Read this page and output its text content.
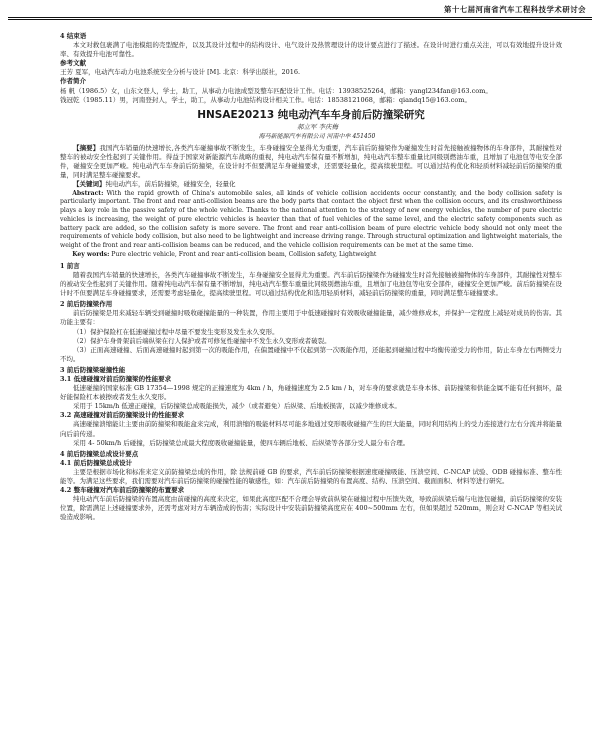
第十七届河南省汽车工程科技学术研讨会

4 结束语

本文对救包裹满了电池模组的壳型配件，以及其设计过程中的结构设计、电气设计及热管理设计的设计要点进行了描述。在设计时进行重点关注，可以有效地提升设计效率、有效提升电池可靠性。

参考文献

王芳 夏军，电动汽车动力电池系统安全分析与设计 [M]. 北京：科学出版社，2016.

作者简介

杨 帆（1986.5）女，山东文登人，学士，助工，从事动力电池成型及整车匹配设计工作。电话：13938525264，邮箱：yangl234fan@163.com。

钱冠乾（1985.11）男，河南登封人，学士，助工，从事动力电池结构设计相关工作。电话：18538121068，邮箱：qiandq15@163.com。

HNSAE20213 纯电动汽车车身前后防撞梁研究

郝立军 李庆梅

海马新能源汽车有限公司 河南中牟 451450

【摘要】我国汽车销量的快速增长,各类汽车碰撞事故不断发生，车身碰撞安全显得尤为重要，汽车前后防撞梁作为碰撞发生时首先接触被撞物体的车身部件，其耐撞性对整车的被动安全性起到了关键作用。得益于国家对新能源汽车战略的重视，纯电动汽车保有量不断增加，纯电动汽车整车重量比同级别燃油车重，且增加了电池包等电安全部件，碰撞安全更加严峻。纯电动汽车车身前后防撞梁，在设计时不但要满足车身碰撞要求，还需要轻量化，提高续驶里程。可以通过结构优化和轻质材料减轻前后防撞梁的重量，同时满足整车碰撞要求。

【关键词】纯电动汽车，前后防撞梁，碰撞安全，轻量化

Abstract: With the rapid growth of China's automobile sales, all kinds of vehicle collision accidents occur constantly, and the body collision safety is particularly important. The front and rear anti-collision beams are the body parts that contact the object first when the collision occurs, and its crashworthiness plays a key role in the passive safety of the whole vehicle. Thanks to the national attention to the strategy of new energy vehicles, the number of pure electric vehicles is increasing, the weight of pure electric vehicles is heavier than that of fuel vehicles of the same level, and the electric safety components such as battery pack are added, so the collision safety is more severe. The front and rear anti-collision beam of pure electric vehicle body should not only meet the requirements of vehicle body collision, but also need to be lightweight and increase driving range. Through structural optimization and lightweight materials, the weight of the front and rear anti-collision beams can be reduced, and the vehicle collision requirements can be met at the same time.

Key words: Pure electric vehicle, Front and rear anti-collision beam, Collision safety, Lightweight

1 前言

随着我国汽车销量的快速增长，各类汽车碰撞事故不断发生，车身碰撞安全显得尤为重要。汽车前后防撞梁作为碰撞发生时首先接触被撞物体的车身部件，其耐撞性对整车的被动安全性起到了关键作用。随着纯电动汽车保有量不断增加，纯电动汽车整车重量比同级别燃油车重，且增加了电池包等电安全部件，碰撞安全更加严峻。前后防撞梁在设计时不但要满足车身碰撞要求，还需要考虑轻量化，提高续驶里程。可以通过结构优化和选用轻质材料，减轻前后防撞梁的重量，同时满足整车碰撞要求。

2 前后防撞梁作用

前后防撞梁是用来减轻车辆受到碰撞时吸收碰撞能量的一种装置，作用主要用于中低速碰撞时有效吸收碰撞能量，减少维修成本，并保护一定程度上减轻对成员的伤害。其功能主要有：

（1）保护保险杠在低速碰撞过程中尽量不要发生变形及发生永久变形。

（2）保护车身骨架前后端纵梁在行人保护或者可修复性碰撞中不发生永久变形或者破裂。

（3）正面高速碰撞、后面高速碰撞时起到第一次的吸能作用，在偏置碰撞中不仅起到第一次吸能作用，还能起到碰撞过程中均衡传递受力的作用，防止车身左右两侧受力不均。

3 前后防撞梁碰撞性能

3.1 低速碰撞对前后防撞梁的性能要求

低速碰撞的国家标准 GB 17354—1998 规定的正撞速度为 4km / h，角碰撞速度为 2.5 km / h，对车身的要求就是车身本体、前防撞梁和供能金属不能有任何损坏，最好能保险杠本被擦或者发生永久变形。

采用于 15km/h 低速正碰撞，后防撞梁总成吸能损失，减少（或者避免）后纵梁、后地板损害，以减少维修成本。

3.2 高速碰撞对前后防撞梁设计的性能要求

高速碰撞溃缩能让主要由前防撞梁和吸能盒来完成，利用溃缩的吸能材料尽可能多地通过变形吸收碰撞产生的巨大能量，同时利用结构上的受力连接进行左右分流并将能量向后前传递。

采用 4- 50km/h 后碰撞，后防撞梁总成最大程度吸收碰撞能量，使四车辆后地板、后纵梁等各部分受人最分布合理。

4 前后防撞梁总成设计要点

4.1 前后防撞梁总成设计

主要是根据市场化和标准来定义前防撞梁总成的作用，除 法规前碰 GB 的要求，汽车前后防撞梁根据速度碰撞吸能、压溃空间、C-NCAP 试验、ODB 碰撞标准、整车性能等。为满足这些要求，我们需要对汽车前后防撞梁的碰撞性能的敏感性，如：汽车前后防撞梁的布置高度、结构、压溃空间、截面面积、材料等进行研究。

4.2 整车碰撞对汽车前后防撞梁的布置要求

纯电动汽车前后防撞梁的布置高度由前碰撞的高度来决定，如果此高度匹配不合理会导致前纵梁在碰撞过程中压馈失效，导致前纵梁后端与电池包碰撞，前后防撞梁的安装位置，除需满足上述碰撞要求外，还需考虑对对方车辆造成的伤害；实际设计中安装前防撞梁高度应在 400~500mm 左右，但如果超过 520mm，则会对 C-NCAP 等相关试验造成影响。
